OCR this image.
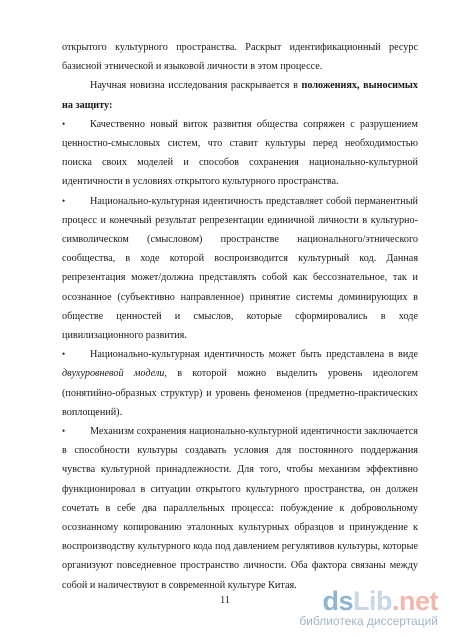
открытого культурного пространства. Раскрыт идентификационный ресурс базисной этнической и языковой личности в этом процессе.

Научная новизна исследования раскрывается в положениях, выносимых на защиту:

• Качественно новый виток развития общества сопряжен с разрушением ценностно-смысловых систем, что ставит культуры перед необходимостью поиска своих моделей и способов сохранения национально-культурной идентичности в условиях открытого культурного пространства.

• Национально-культурная идентичность представляет собой перманентный процесс и конечный результат репрезентации единичной личности в культурно-символическом (смысловом) пространстве национального/этнического сообщества, в ходе которой воспроизводится культурный код. Данная репрезентация может/должна представлять собой как бессознательное, так и осознанное (субъективно направленное) принятие системы доминирующих в обществе ценностей и смыслов, которые сформировались в ходе цивилизационного развития.

• Национально-культурная идентичность может быть представлена в виде двухуровневой модели, в которой можно выделить уровень идеологем (понятийно-образных структур) и уровень феноменов (предметно-практических воплощений).

• Механизм сохранения национально-культурной идентичности заключается в способности культуры создавать условия для постоянного поддержания чувства культурной принадлежности. Для того, чтобы механизм эффективно функционировал в ситуации открытого культурного пространства, он должен сочетать в себе два параллельных процесса: побуждение к добровольному осознанному копированию эталонных культурных образцов и принуждение к воспроизводству культурного кода под давлением регулятивов культуры, которые организуют повседневное пространство личности. Оба фактора связаны между собой и наличествуют в современной культуре Китая.

11	dsLib.net
библиотека диссертаций
